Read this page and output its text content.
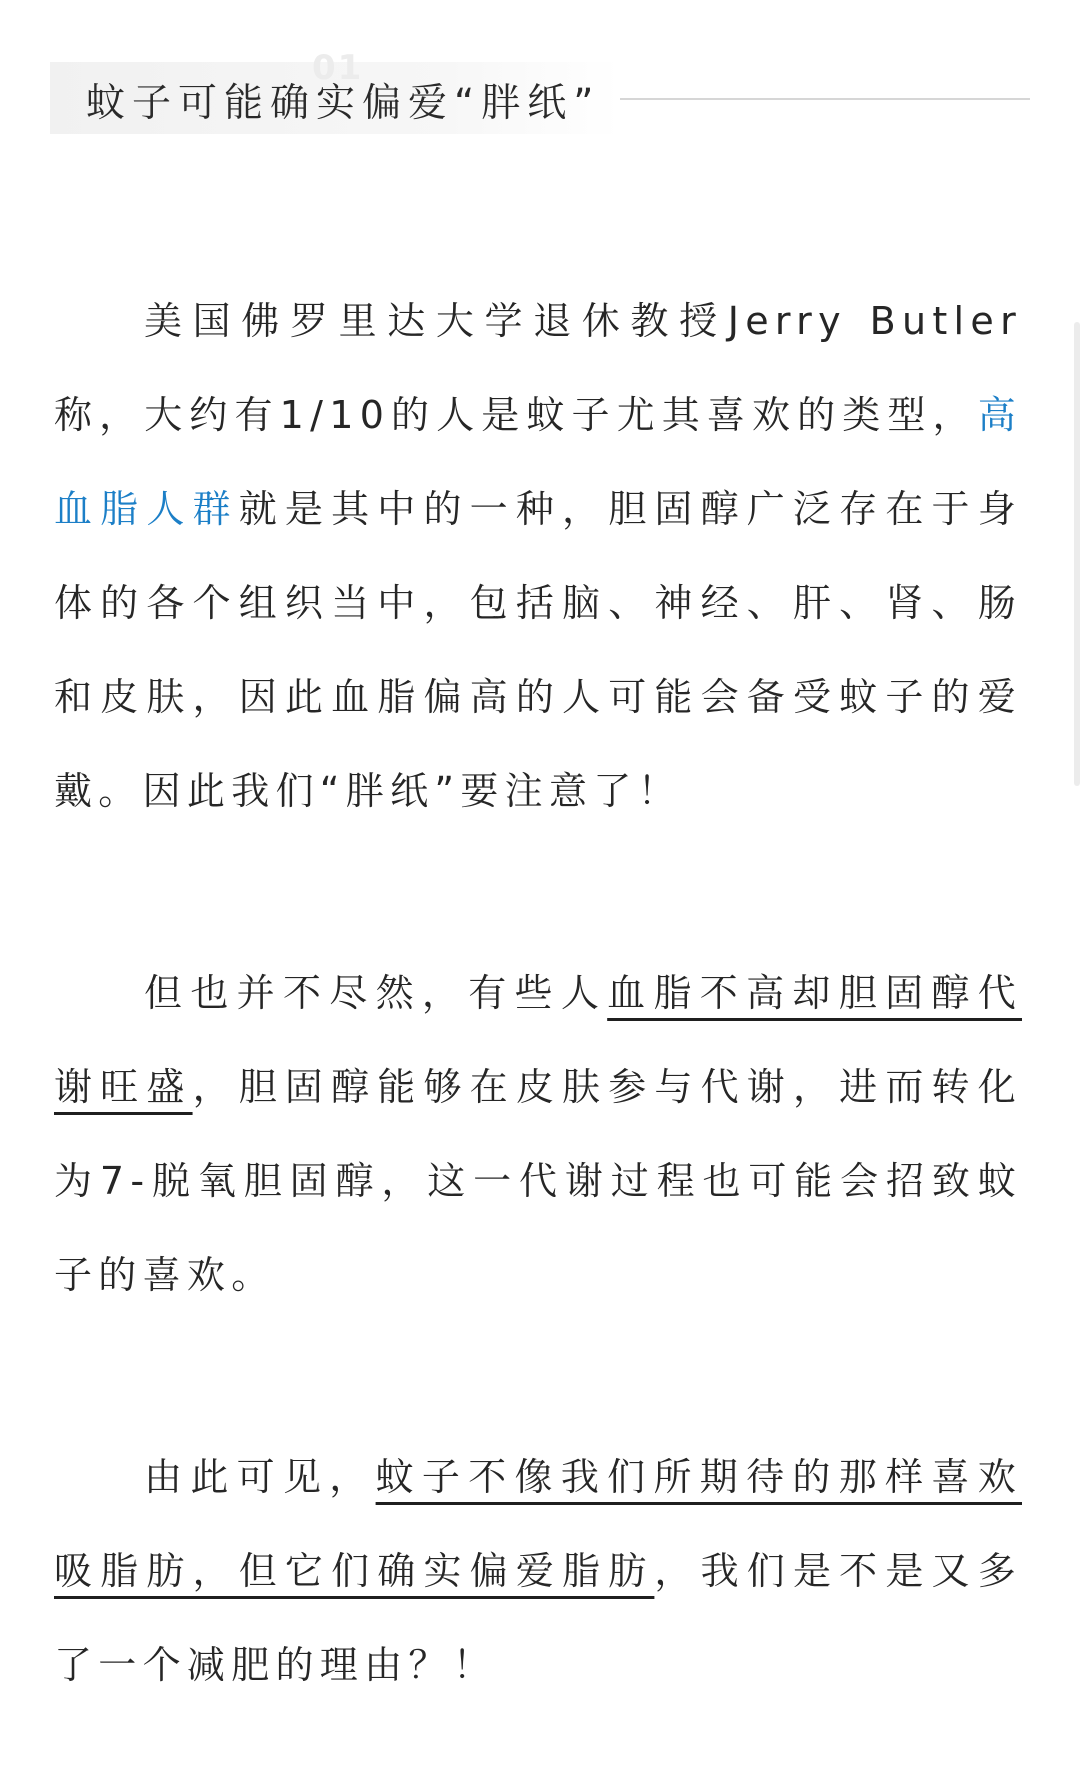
01
蚊子可能确实偏爱“胖纸”

美国佛罗里达大学退休教授Jerry Butler称，大约有1/10的人是蚊子尤其喜欢的类型，高血脂人群就是其中的一种，胆固醇广泛存在于身体的各个组织当中，包括脑、神经、肝、肾、肠和皮肤，因此血脂偏高的人可能会备受蚊子的爱戴。因此我们“胖纸”要注意了！

但也并不尽然，有些人血脂不高却胆固醇代谢旺盛，胆固醇能够在皮肤参与代谢，进而转化为7-脱氧胆固醇，这一代谢过程也可能会招致蚊子的喜欢。

由此可见，蚊子不像我们所期待的那样喜欢吸脂肪，但它们确实偏爱脂肪，我们是不是又多了一个减肥的理由？！
